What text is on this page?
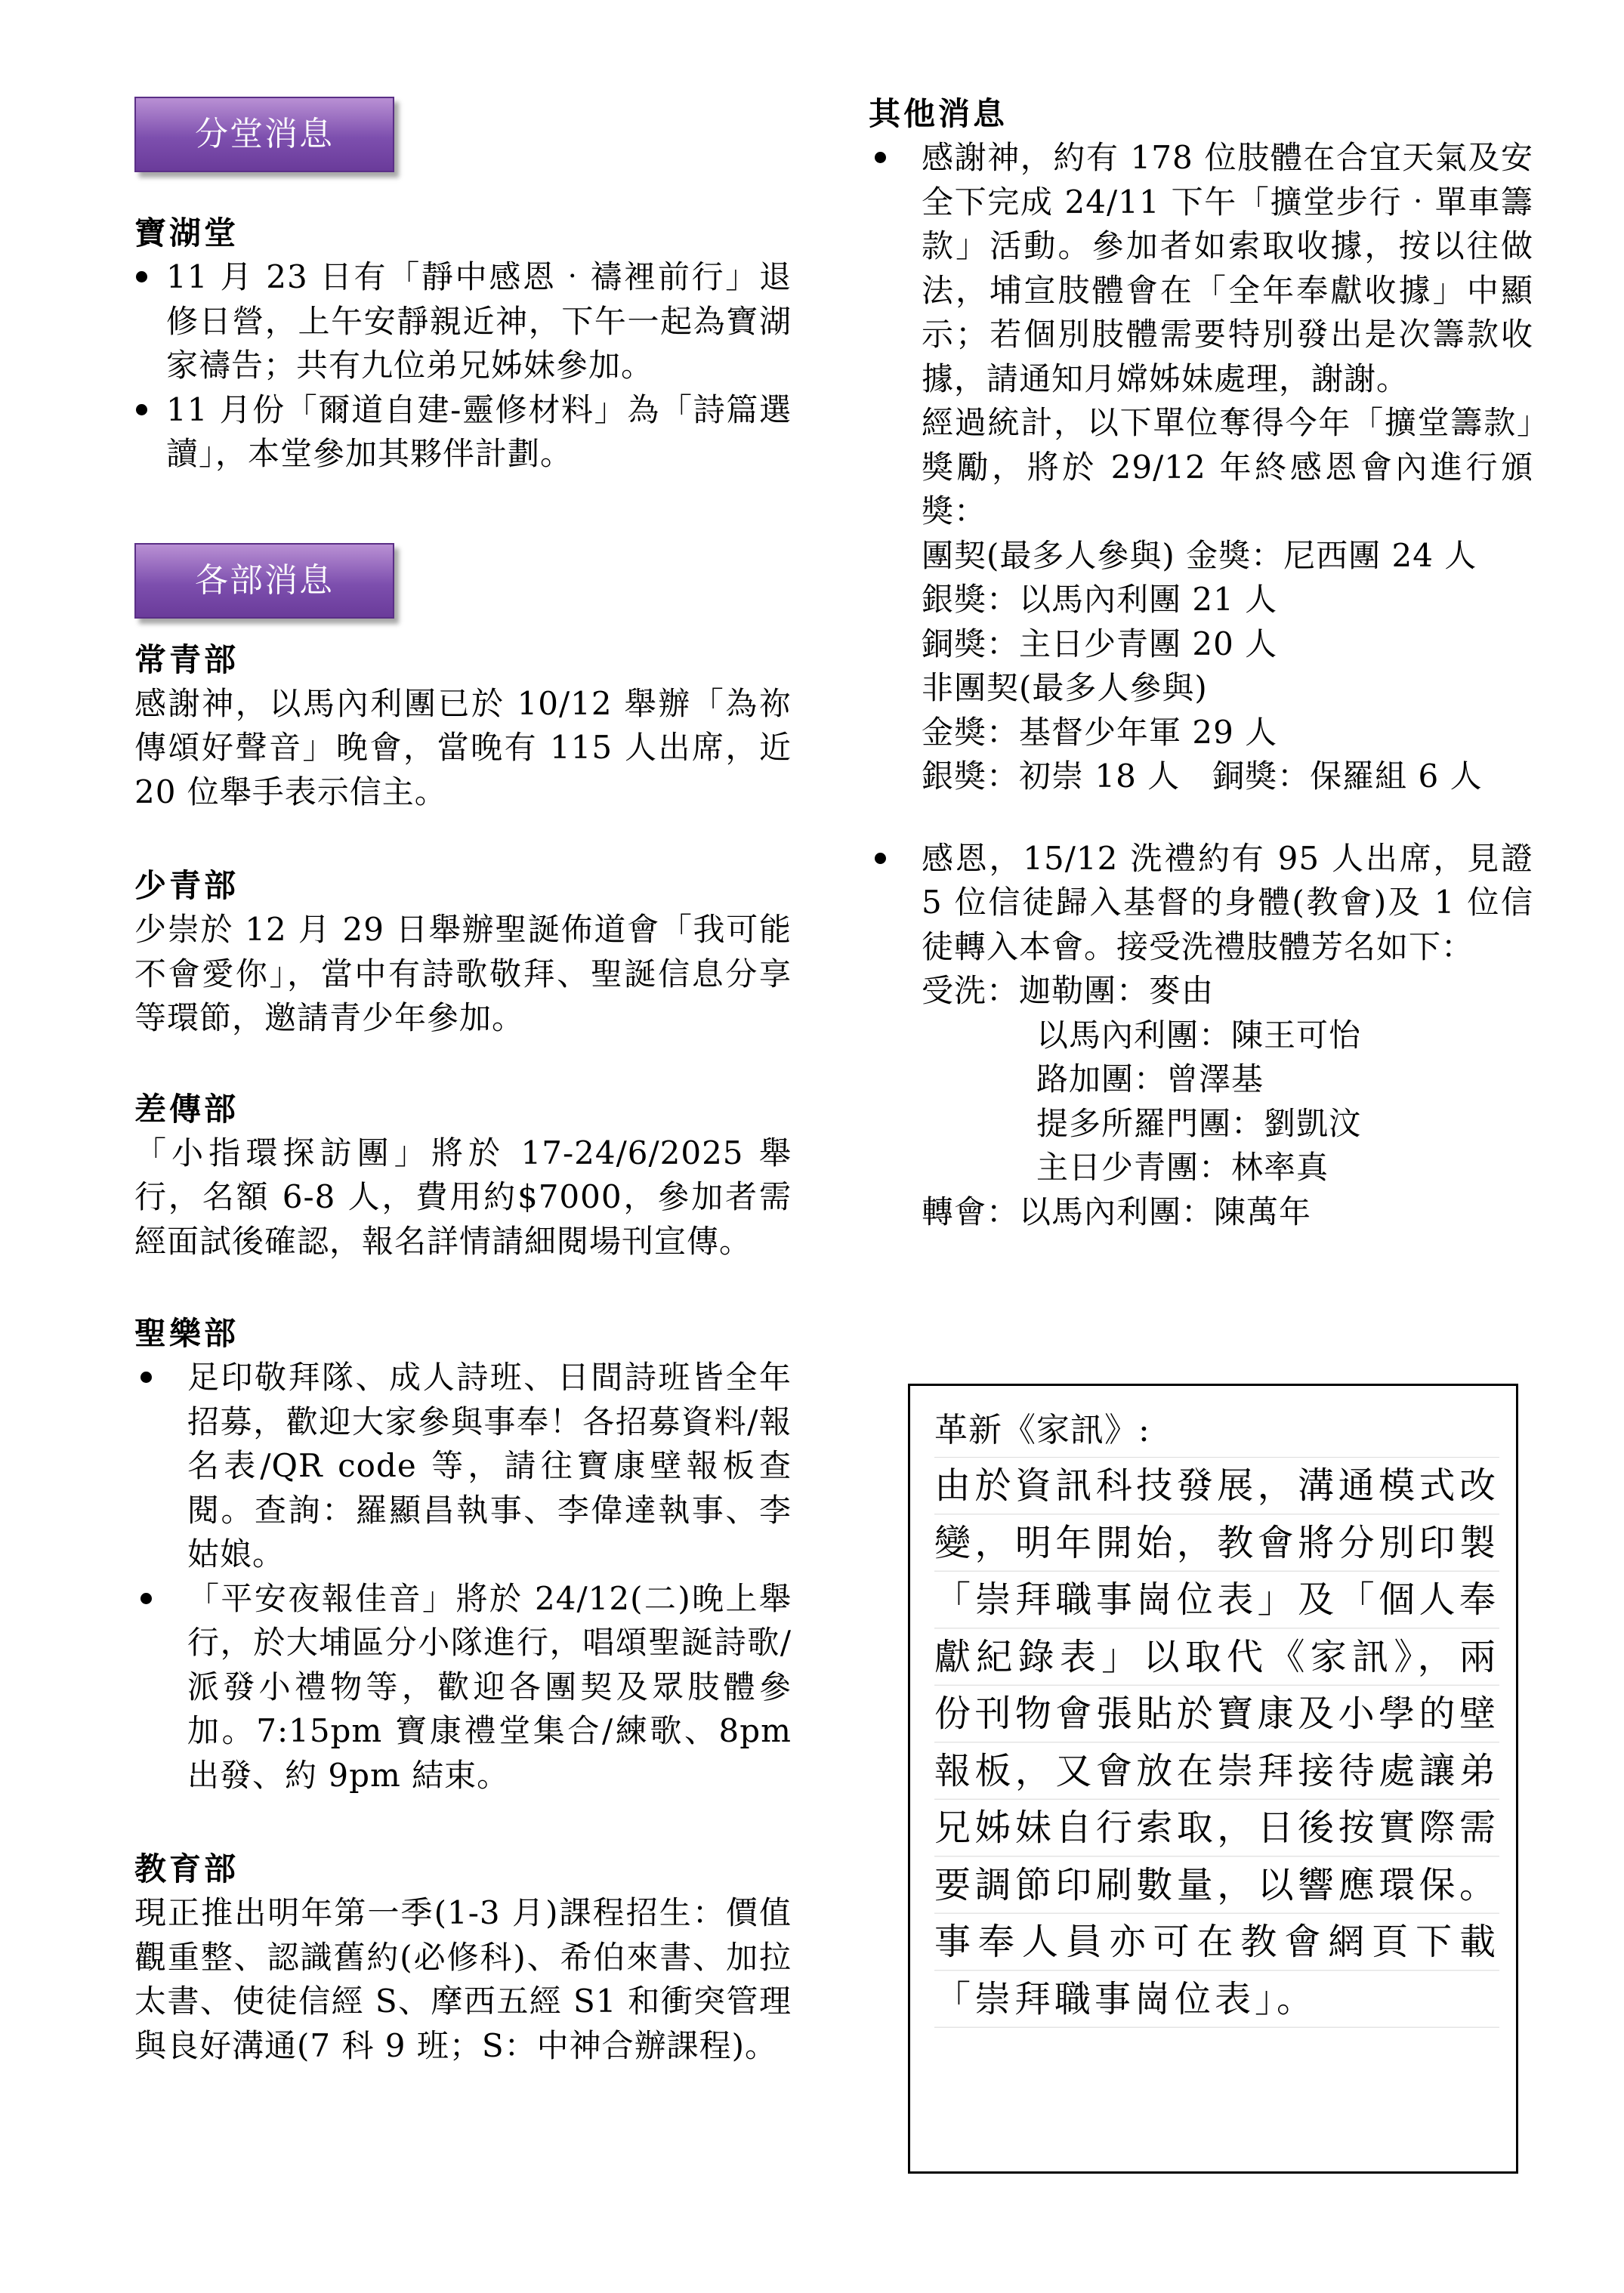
分堂消息
寶湖堂
11 月 23 日有「靜中感恩‧禱裡前行」退修日營，上午安靜親近神，下午一起為寶湖家禱告；共有九位弟兄姊妹參加。
11 月份「爾道自建-靈修材料」為「詩篇選讀」，本堂參加其夥伴計劃。
各部消息
常青部

感謝神，以馬內利團已於 10/12 舉辦「為祢傳頌好聲音」晚會，當晚有 115 人出席，近 20 位舉手表示信主。

少青部

少崇於 12 月 29 日舉辦聖誕佈道會「我可能不會愛你」，當中有詩歌敬拜、聖誕信息分享等環節，邀請青少年參加。

差傳部

「小指環探訪團」將於 17-24/6/2025 舉行，名額 6-8 人，費用約$7000，參加者需經面試後確認，報名詳情請細閱場刊宣傳。

聖樂部
足印敬拜隊、成人詩班、日間詩班皆全年招募，歡迎大家參與事奉！各招募資料/報名表/QR code 等，請往寶康壁報板查閱。查詢：羅顯昌執事、李偉達執事、李姑娘。
「平安夜報佳音」將於 24/12(二)晚上舉行，於大埔區分小隊進行，唱頌聖誕詩歌/派發小禮物等，歡迎各團契及眾肢體參加。7:15pm 寶康禮堂集合/練歌、8pm 出發、約 9pm 結束。
教育部

現正推出明年第一季(1-3 月)課程招生：價值觀重整、認識舊約(必修科)、希伯來書、加拉太書、使徒信經 S、摩西五經 S1 和衝突管理與良好溝通(7 科 9 班；S：中神合辦課程)。

其他消息
感謝神，約有 178 位肢體在合宜天氣及安全下完成 24/11 下午「擴堂步行‧單車籌款」活動。參加者如索取收據，按以往做法，埔宣肢體會在「全年奉獻收據」中顯示；若個別肢體需要特別發出是次籌款收據，請通知月嫦姊妹處理，謝謝。
經過統計，以下單位奪得今年「擴堂籌款」獎勵，將於 29/12 年終感恩會內進行頒獎：
團契(最多人參與) 金獎：尼西團 24 人
銀獎：以馬內利團 21 人
銅獎：主日少青團 20 人
非團契(最多人參與)
金獎：基督少年軍 29 人
銀獎：初崇 18 人　銅獎：保羅組 6 人
感恩，15/12 洗禮約有 95 人出席，見證 5 位信徒歸入基督的身體(教會)及 1 位信徒轉入本會。接受洗禮肢體芳名如下：
受洗：迦勒團：麥由
以馬內利團：陳王可怡
路加團：曾澤基
提多所羅門團：劉凱汶
主日少青團：林率真
轉會：以馬內利團：陳萬年
革新《家訊》:

由於資訊科技發展，溝通模式改變，明年開始，教會將分別印製「崇拜職事崗位表」及「個人奉獻紀錄表」以取代《家訊》，兩份刊物會張貼於寶康及小學的壁報板，又會放在崇拜接待處讓弟兄姊妹自行索取，日後按實際需要調節印刷數量，以響應環保。事奉人員亦可在教會網頁下載「崇拜職事崗位表」。
